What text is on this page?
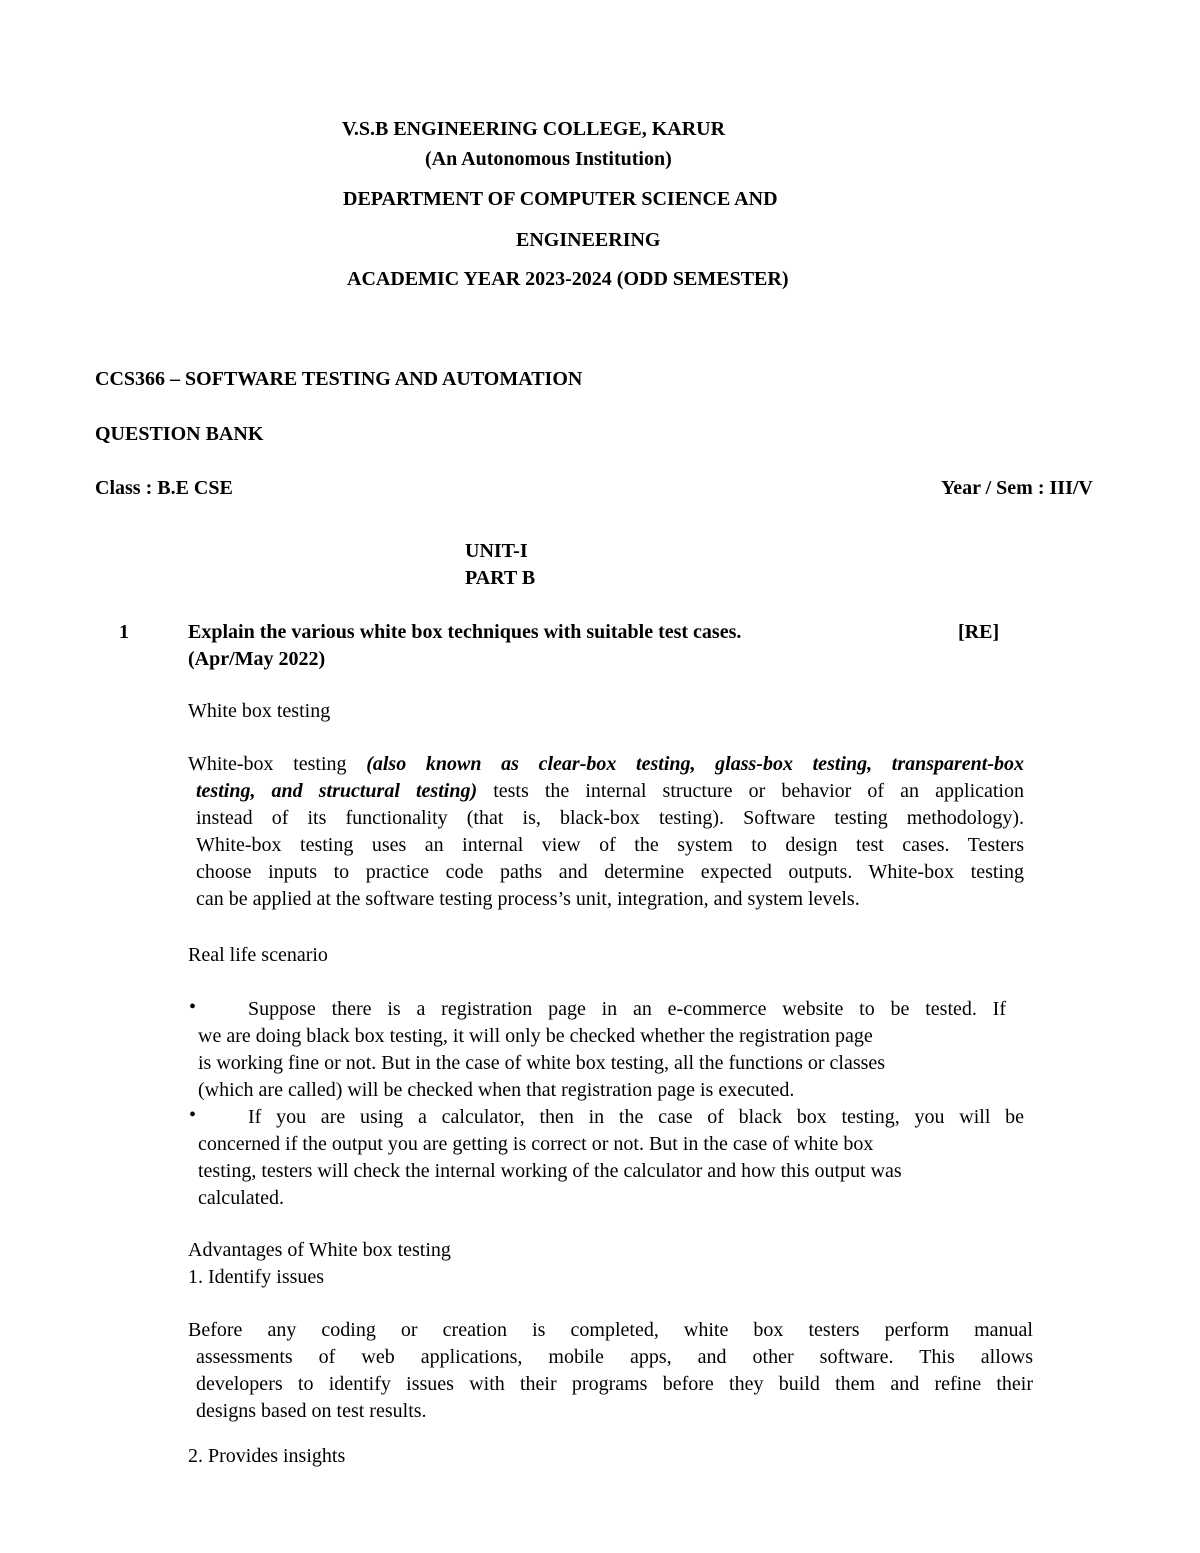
V.S.B ENGINEERING COLLEGE, KARUR
(An Autonomous Institution)
DEPARTMENT OF COMPUTER SCIENCE AND
ENGINEERING
ACADEMIC YEAR 2023-2024 (ODD SEMESTER)
CCS366 – SOFTWARE TESTING AND AUTOMATION
QUESTION BANK
Class : B.E CSE	Year / Sem : III/V
UNIT-I
PART B
1	Explain the various white box techniques with suitable test cases.	[RE]
(Apr/May 2022)
White box testing
White-box testing (also known as clear-box testing, glass-box testing, transparent-box
testing, and structural testing) tests the internal structure or behavior of an application
instead of its functionality (that is, black-box testing). Software testing methodology).
White-box testing uses an internal view of the system to design test cases. Testers
choose inputs to practice code paths and determine expected outputs. White-box testing
can be applied at the software testing process’s unit, integration, and system levels.
Real life scenario
•	Suppose there is a registration page in an e-commerce website to be tested. If
we are doing black box testing, it will only be checked whether the registration page
is working fine or not. But in the case of white box testing, all the functions or classes
(which are called) will be checked when that registration page is executed.
•	If you are using a calculator, then in the case of black box testing, you will be
concerned if the output you are getting is correct or not. But in the case of white box
testing, testers will check the internal working of the calculator and how this output was
calculated.
Advantages of White box testing
1. Identify issues
Before any coding or creation is completed, white box testers perform manual
assessments of web applications, mobile apps, and other software. This allows
developers to identify issues with their programs before they build them and refine their
designs based on test results.
2. Provides insights
